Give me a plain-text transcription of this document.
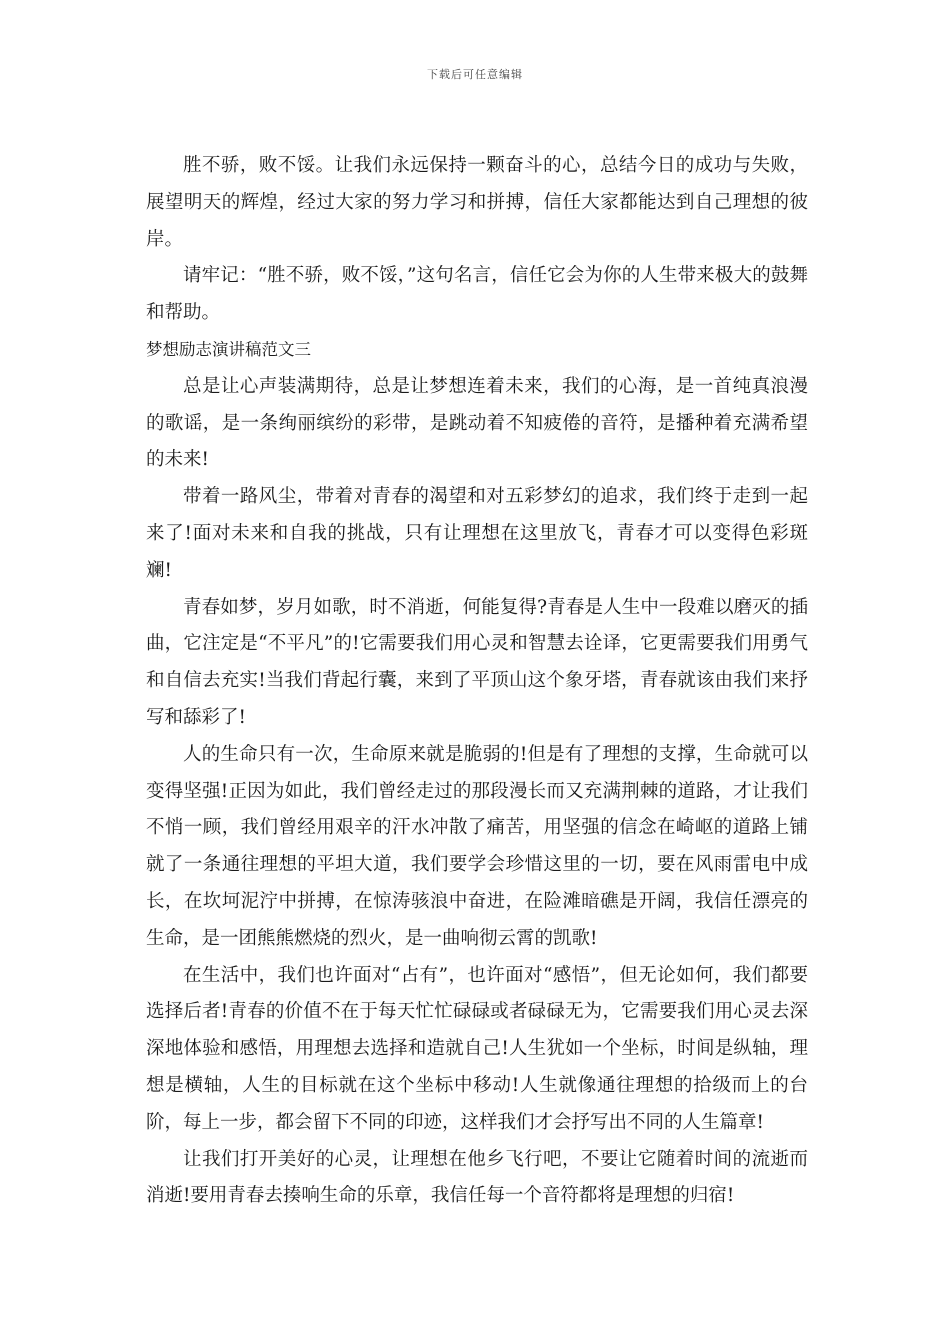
下载后可任意编辑

胜不骄，败不馁。让我们永远保持一颗奋斗的心，总结今日的成功与失败，展望明天的辉煌，经过大家的努力学习和拼搏，信任大家都能达到自己理想的彼岸。

请牢记：“胜不骄，败不馁，”这句名言，信任它会为你的人生带来极大的鼓舞和帮助。

梦想励志演讲稿范文三

总是让心声装满期待，总是让梦想连着未来，我们的心海，是一首纯真浪漫的歌谣，是一条绚丽缤纷的彩带，是跳动着不知疲倦的音符，是播种着充满希望的未来!

带着一路风尘，带着对青春的渴望和对五彩梦幻的追求，我们终于走到一起来了!面对未来和自我的挑战，只有让理想在这里放飞，青春才可以变得色彩斑斓!

青春如梦，岁月如歌，时不消逝，何能复得?青春是人生中一段难以磨灭的插曲，它注定是“不平凡”的!它需要我们用心灵和智慧去诠译，它更需要我们用勇气和自信去充实!当我们背起行囊，来到了平顶山这个象牙塔，青春就该由我们来抒写和舔彩了!

人的生命只有一次，生命原来就是脆弱的!但是有了理想的支撑，生命就可以变得坚强!正因为如此，我们曾经走过的那段漫长而又充满荆棘的道路，才让我们不悄一顾，我们曾经用艰辛的汗水冲散了痛苦，用坚强的信念在崎岖的道路上铺就了一条通往理想的平坦大道，我们要学会珍惜这里的一切，要在风雨雷电中成长，在坎坷泥泞中拼搏，在惊涛骇浪中奋进，在险滩暗礁是开阔，我信任漂亮的生命，是一团熊熊燃烧的烈火，是一曲响彻云霄的凯歌!

在生活中，我们也许面对“占有”，也许面对“感悟”，但无论如何，我们都要选择后者!青春的价值不在于每天忙忙碌碌或者碌碌无为，它需要我们用心灵去深深地体验和感悟，用理想去选择和造就自己!人生犹如一个坐标，时间是纵轴，理想是横轴，人生的目标就在这个坐标中移动!人生就像通往理想的拾级而上的台阶，每上一步，都会留下不同的印迹，这样我们才会抒写出不同的人生篇章!

让我们打开美好的心灵，让理想在他乡飞行吧，不要让它随着时间的流逝而消逝!要用青春去揍响生命的乐章，我信任每一个音符都将是理想的归宿!
